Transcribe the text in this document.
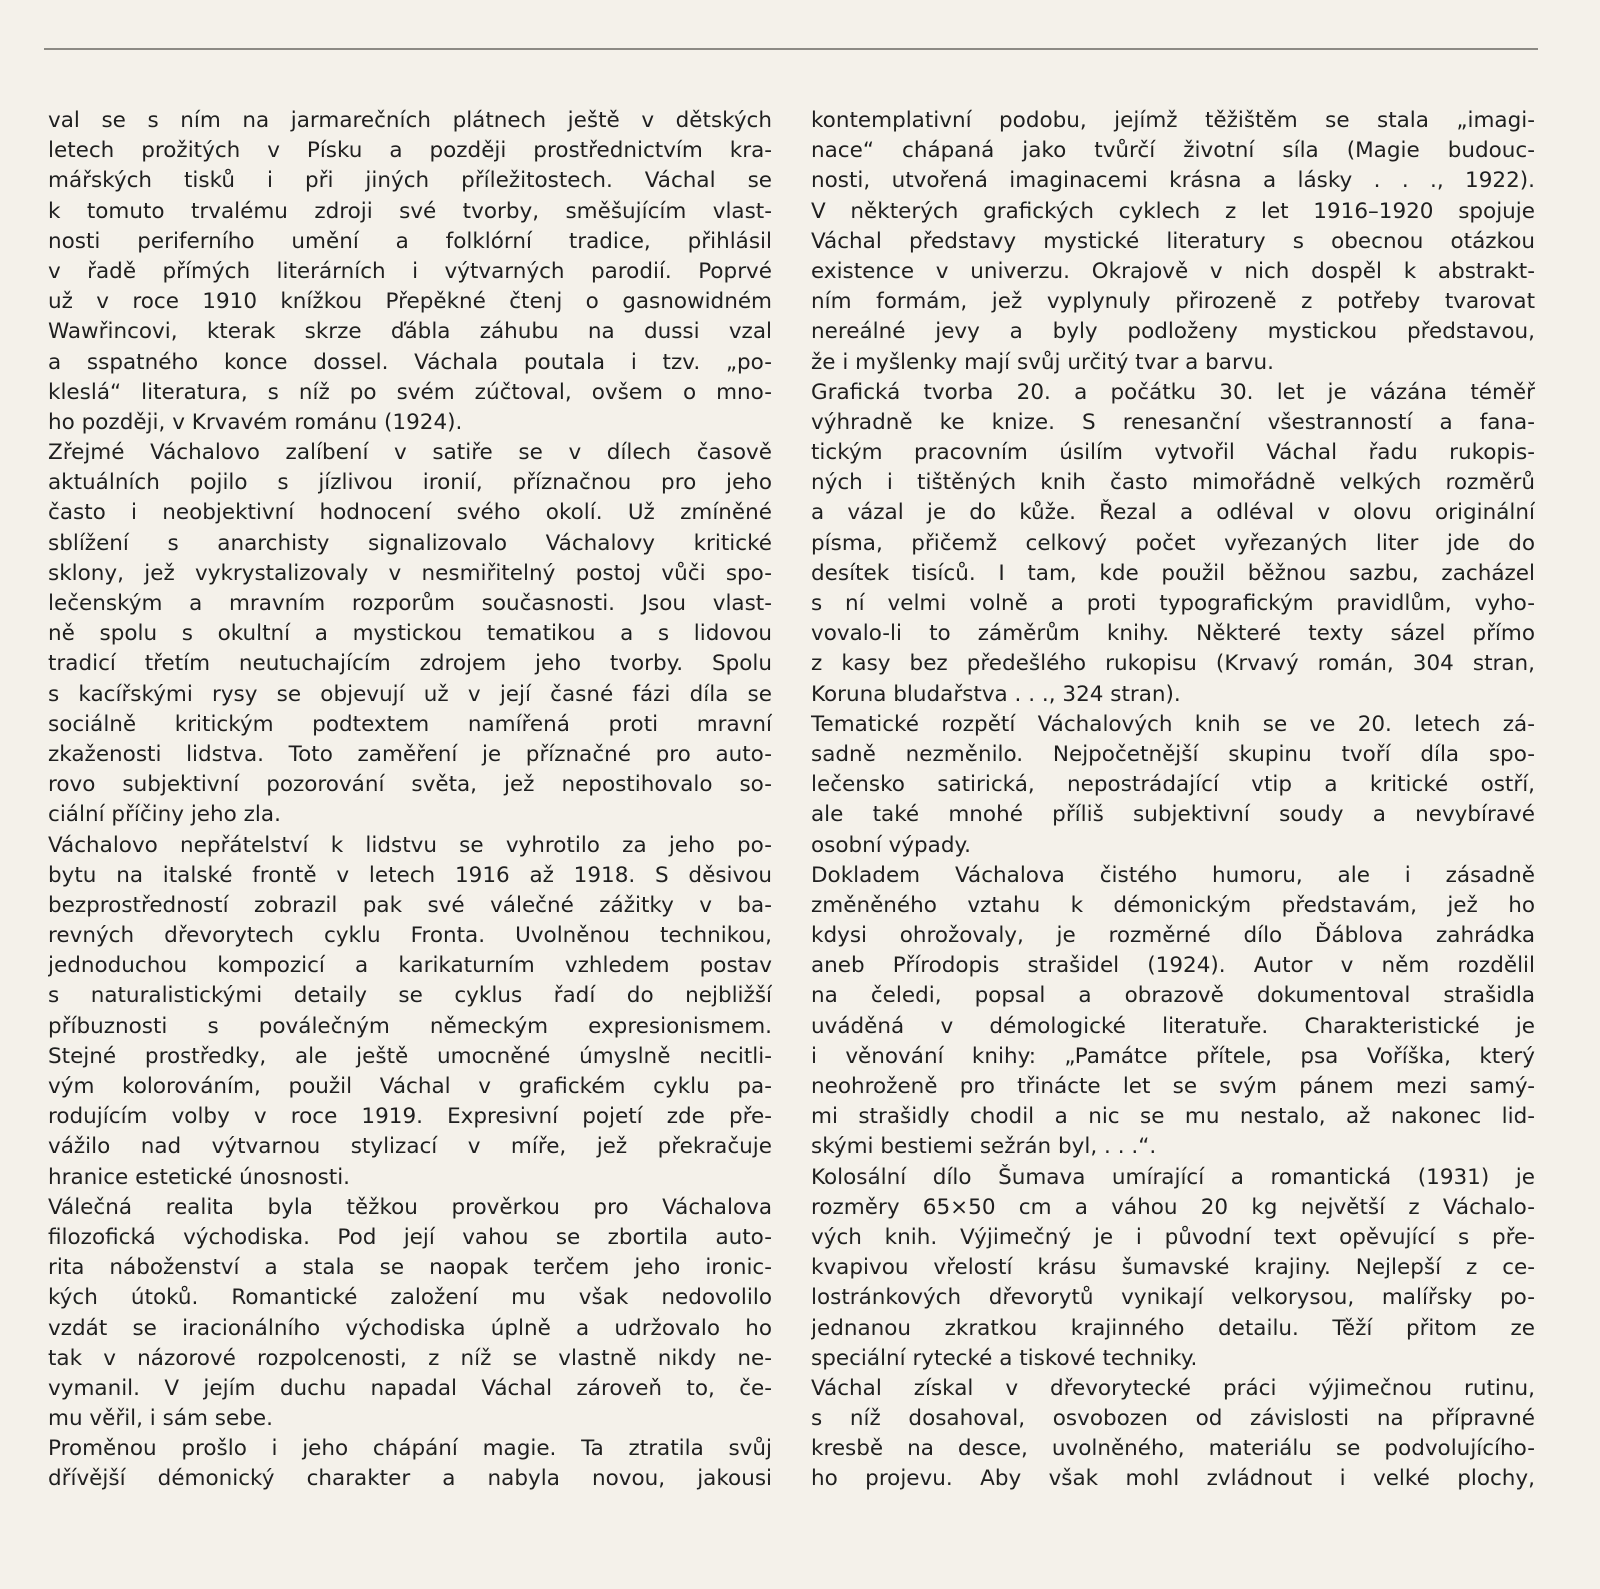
val se s ním na jarmarečních plátnech ještě v dětských
letech prožitých v Písku a později prostřednictvím kra-
mářských tisků i při jiných příležitostech. Váchal se
k tomuto trvalému zdroji své tvorby, směšujícím vlast-
nosti periferního umění a folklórní tradice, přihlásil
v řadě přímých literárních i výtvarných parodií. Poprvé
už v roce 1910 knížkou Přepěkné čtenj o gasnowidném
Wawřincovi, kterak skrze ďábla záhubu na dussi vzal
a sspatného konce dossel. Váchala poutala i tzv. „po-
kleslá“ literatura, s níž po svém zúčtoval, ovšem o mno-
ho později, v Krvavém románu (1924).
Zřejmé Váchalovo zalíbení v satiře se v dílech časově
aktuálních pojilo s jízlivou ironií, příznačnou pro jeho
často i neobjektivní hodnocení svého okolí. Už zmíněné
sblížení s anarchisty signalizovalo Váchalovy kritické
sklony, jež vykrystalizovaly v nesmiřitelný postoj vůči spo-
lečenským a mravním rozporům současnosti. Jsou vlast-
ně spolu s okultní a mystickou tematikou a s lidovou
tradicí třetím neutuchajícím zdrojem jeho tvorby. Spolu
s kacířskými rysy se objevují už v její časné fázi díla se
sociálně kritickým podtextem namířená proti mravní
zkaženosti lidstva. Toto zaměření je příznačné pro auto-
rovo subjektivní pozorování světa, jež nepostihovalo so-
ciální příčiny jeho zla.
Váchalovo nepřátelství k lidstvu se vyhrotilo za jeho po-
bytu na italské frontě v letech 1916 až 1918. S děsivou
bezprostředností zobrazil pak své válečné zážitky v ba-
revných dřevorytech cyklu Fronta. Uvolněnou technikou,
jednoduchou kompozicí a karikaturním vzhledem postav
s naturalistickými detaily se cyklus řadí do nejbližší
příbuznosti s poválečným německým expresionismem.
Stejné prostředky, ale ještě umocněné úmyslně necitli-
vým kolorováním, použil Váchal v grafickém cyklu pa-
rodujícím volby v roce 1919. Expresivní pojetí zde pře-
vážilo nad výtvarnou stylizací v míře, jež překračuje
hranice estetické únosnosti.
Válečná realita byla těžkou prověrkou pro Váchalova
filozofická východiska. Pod její vahou se zbortila auto-
rita náboženství a stala se naopak terčem jeho ironic-
kých útoků. Romantické založení mu však nedovolilo
vzdát se iracionálního východiska úplně a udržovalo ho
tak v názorové rozpolcenosti, z níž se vlastně nikdy ne-
vymanil. V jejím duchu napadal Váchal zároveň to, če-
mu věřil, i sám sebe.
Proměnou prošlo i jeho chápání magie. Ta ztratila svůj
dřívější démonický charakter a nabyla novou, jakousi
kontemplativní podobu, jejímž těžištěm se stala „imagi-
nace“ chápaná jako tvůrčí životní síla (Magie budouc-
nosti, utvořená imaginacemi krásna a lásky . . ., 1922).
V některých grafických cyklech z let 1916–1920 spojuje
Váchal představy mystické literatury s obecnou otázkou
existence v univerzu. Okrajově v nich dospěl k abstrakt-
ním formám, jež vyplynuly přirozeně z potřeby tvarovat
nereálné jevy a byly podloženy mystickou představou,
že i myšlenky mají svůj určitý tvar a barvu.
Grafická tvorba 20. a počátku 30. let je vázána téměř
výhradně ke knize. S renesanční všestranností a fana-
tickým pracovním úsilím vytvořil Váchal řadu rukopis-
ných i tištěných knih často mimořádně velkých rozměrů
a vázal je do kůže. Řezal a odléval v olovu originální
písma, přičemž celkový počet vyřezaných liter jde do
desítek tisíců. I tam, kde použil běžnou sazbu, zacházel
s ní velmi volně a proti typografickým pravidlům, vyho-
vovalo-li to záměrům knihy. Některé texty sázel přímo
z kasy bez předešlého rukopisu (Krvavý román, 304 stran,
Koruna bludařstva . . ., 324 stran).
Tematické rozpětí Váchalových knih se ve 20. letech zá-
sadně nezměnilo. Nejpočetnější skupinu tvoří díla spo-
lečensko satirická, nepostrádající vtip a kritické ostří,
ale také mnohé příliš subjektivní soudy a nevybíravé
osobní výpady.
Dokladem Váchalova čistého humoru, ale i zásadně
změněného vztahu k démonickým představám, jež ho
kdysi ohrožovaly, je rozměrné dílo Ďáblova zahrádka
aneb Přírodopis strašidel (1924). Autor v něm rozdělil
na čeledi, popsal a obrazově dokumentoval strašidla
uváděná v démologické literatuře. Charakteristické je
i věnování knihy: „Památce přítele, psa Voříška, který
neohroženě pro třinácte let se svým pánem mezi samý-
mi strašidly chodil a nic se mu nestalo, až nakonec lid-
skými bestiemi sežrán byl, . . .“.
Kolosální dílo Šumava umírající a romantická (1931) je
rozměry 65×50 cm a váhou 20 kg největší z Váchalo-
vých knih. Výjimečný je i původní text opěvující s pře-
kvapivou vřelostí krásu šumavské krajiny. Nejlepší z ce-
lostránkových dřevorytů vynikají velkorysou, malířsky po-
jednanou zkratkou krajinného detailu. Těží přitom ze
speciální rytecké a tiskové techniky.
Váchal získal v dřevorytecké práci výjimečnou rutinu,
s níž dosahoval, osvobozen od závislosti na přípravné
kresbě na desce, uvolněného, materiálu se podvolujícího-
ho projevu. Aby však mohl zvládnout i velké plochy,
